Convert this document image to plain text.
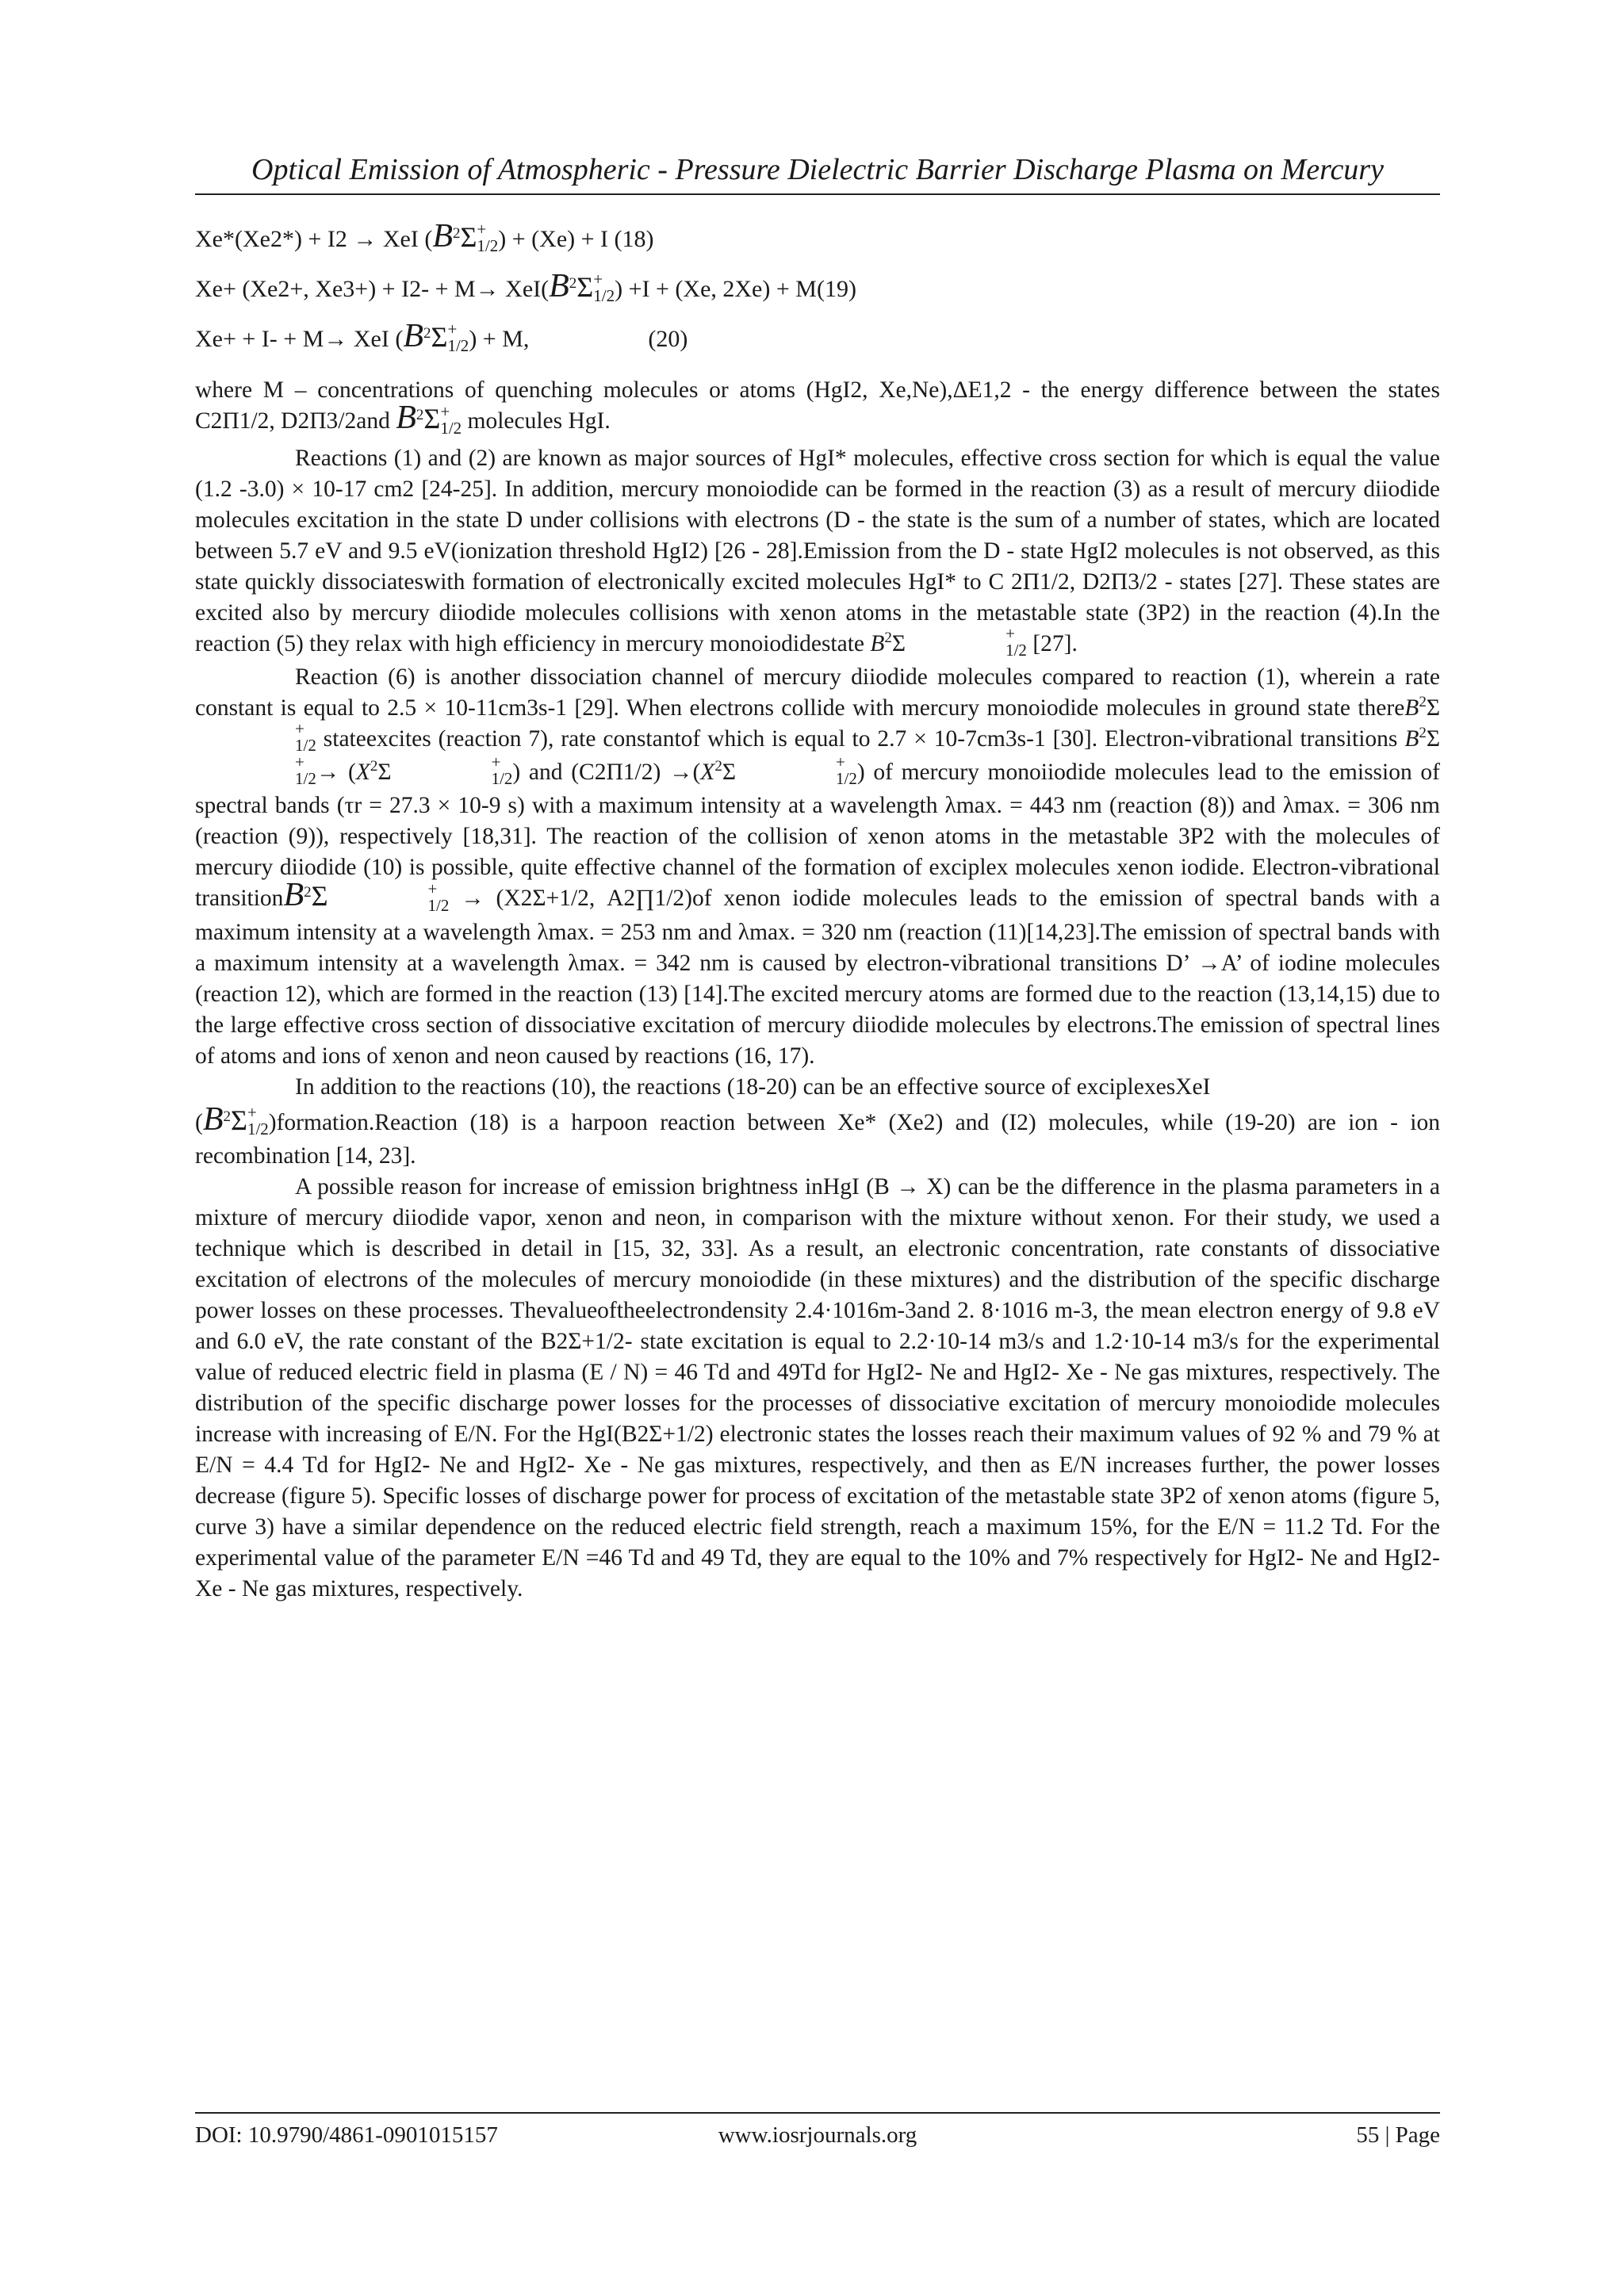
Optical Emission of Atmospheric - Pressure Dielectric Barrier Discharge Plasma on Mercury
Xe*(Xe2*) + I2 → XeI ($B^2\Sigma$ +
1/2 ) + (Xe) + I (18)
Xe+ (Xe2+, $Xe3+) + I2- + M\to XeI(B^2\Sigma$ +
1/2 ) +I + (Xe, 2Xe) + M(19)
Xe+ + I- + M→ XeI ($B^2\Sigma$ +
1/2 ) + M,	(20)

where M – concentrations of quenching molecules or atoms (HgI2, Xe,Ne),ΔE1,2 - the energy difference between the states C2Π1/2, D2Π3/2and $B^2\Sigma$ +
1/2 molecules HgI.

Reactions (1) and (2) are known as major sources of HgI* molecules, effective cross section for which is equal the value (1.2 -3.0) × 10-17 cm2 [24-25]. In addition, mercury monoiodide can be formed in the reaction (3) as a result of mercury diiodide molecules excitation in the state D under collisions with electrons (D - the state is the sum of a number of states, which are located between 5.7 eV and 9.5 eV(ionization threshold HgI2) [26 - 28].Emission from the D - state HgI2 molecules is not observed, as this state quickly dissociateswith formation of electronically excited molecules HgI* to C 2Π1/2, D2Π3/2 - states [27]. These states are excited also by mercury diiodide molecules collisions with xenon atoms in the metastable state (3P2) in the reaction (4).In the reaction (5) they relax with high efficiency in mercury monoiodidestate $B^2\Sigma$	+
1/2 [27].

Reaction (6) is another dissociation channel of mercury diiodide molecules compared to reaction (1), wherein a rate constant is equal to 2.5 × 10-11cm3s-1 [29]. When electrons collide with mercury monoiodide molecules in ground state thereB$^2$Σ
+
1/2 stateexcites (reaction 7), rate constantof which is equal to 2.7 × 10-7cm3s-1 [30]. Electron-vibrational transitions $B^2\Sigma$
+
$1/2 \to (X^2\Sigma$	+
1/2 ) and $(C2\Pi 1/2) \to(X^2\Sigma$	+
1/2 ) of mercury monoiiodide molecules lead to the emission of spectral bands (τr = 27.3 × 10-9 s) with a maximum intensity at a wavelength λmax. = 443 nm (reaction (8)) and λmax. = 306 nm (reaction (9)), respectively [18,31]. The reaction of the collision of xenon atoms in the metastable 3P2 with the molecules of mercury diiodide (10) is possible, quite effective channel of the formation of exciplex molecules xenon iodide. Electron-vibrational transitionB$^2$Σ	+
1/2 → (X2Σ+1/2, A2∏1/2)of xenon iodide molecules leads to the emission of spectral bands with a maximum intensity at a wavelength λmax. = 253 nm and λmax. = 320 nm (reaction (11)[14,23].The emission of spectral bands with a maximum intensity at a wavelength λmax. = 342 nm is caused by electron-vibrational transitions D’ →A’ of iodine molecules (reaction 12), which are formed in the reaction (13) [14].The excited mercury atoms are formed due to the reaction (13,14,15) due to the large effective cross section of dissociative excitation of mercury diiodide molecules by electrons.The emission of spectral lines of atoms and ions of xenon and neon caused by reactions (16, 17).

In addition to the reactions (10), the reactions (18-20) can be an effective source of exciplexesXeI

($B^2\Sigma$ +
1/2 )formation.Reaction (18) is a harpoon reaction between Xe* (Xe2) and (I2) molecules, while (19-20) are ion - ion recombination [14, 23].

A possible reason for increase of emission brightness inHgI (B → X) can be the difference in the plasma parameters in a mixture of mercury diiodide vapor, xenon and neon, in comparison with the mixture without xenon. For their study, we used a technique which is described in detail in [15, 32, 33]. As a result, an electronic concentration, rate constants of dissociative excitation of electrons of the molecules of mercury monoiodide (in these mixtures) and the distribution of the specific discharge power losses on these processes. Thevalueoftheelectrondensity 2.4·1016m-3and 2. 8·1016 m-3, the mean electron energy of 9.8 eV and 6.0 eV, the rate constant of the B2Σ+1/2- state excitation is equal to 2.2·10-14 m3/s and 1.2·10-14 m3/s for the experimental value of reduced electric field in plasma (E / N) = 46 Td and 49Td for HgI2- Ne and HgI2- Xe - Ne gas mixtures, respectively. The distribution of the specific discharge power losses for the processes of dissociative excitation of mercury monoiodide molecules increase with increasing of E/N. For the HgI(B2Σ+1/2) electronic states the losses reach their maximum values of 92 % and 79 % at E/N = 4.4 Td for HgI2- Ne and HgI2- Xe - Ne gas mixtures, respectively, and then as E/N increases further, the power losses decrease (figure 5). Specific losses of discharge power for process of excitation of the metastable state 3P2 of xenon atoms (figure 5, curve 3) have a similar dependence on the reduced electric field strength, reach a maximum 15%, for the E/N = 11.2 Td. For the experimental value of the parameter E/N =46 Td and 49 Td, they are equal to the 10% and 7% respectively for HgI2- Ne and HgI2- Xe - Ne gas mixtures, respectively.

DOI: 10.9790/4861-0901015157	www.iosrjournals.org	55 | Page
